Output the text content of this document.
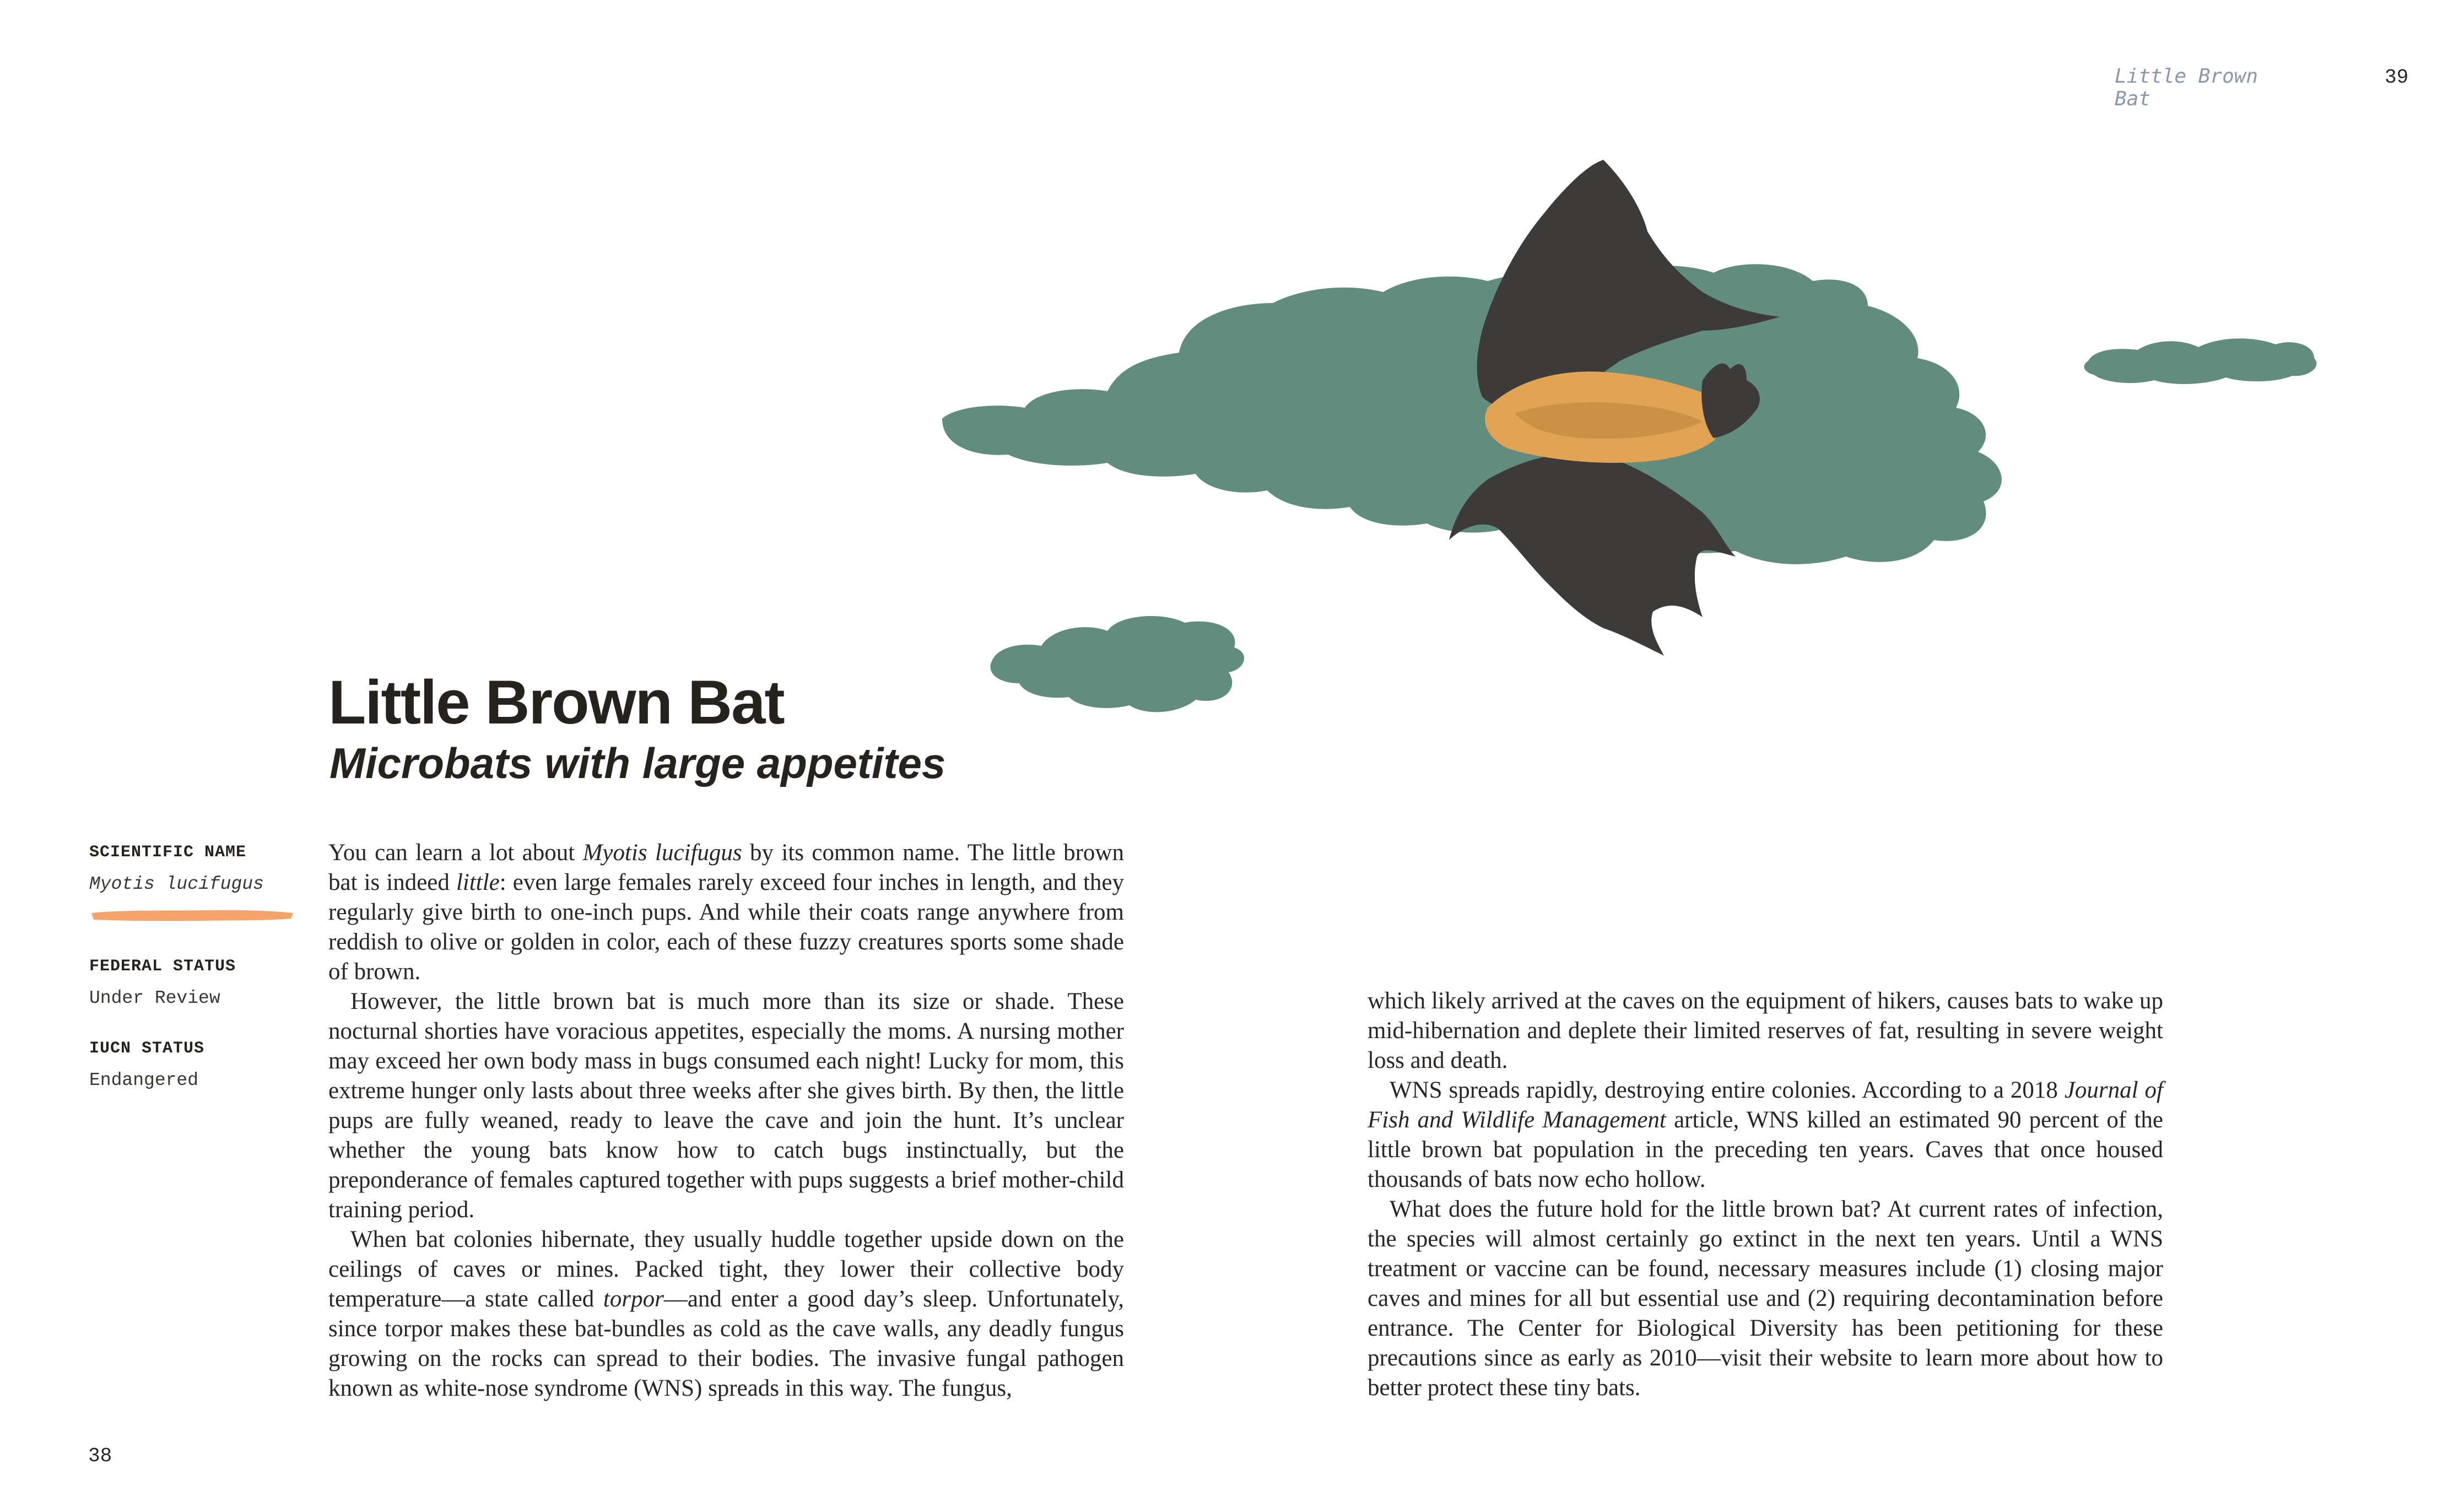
Little Brown Bat
39
Little Brown Bat
Microbats with large appetites

SCIENTIFIC NAME

Myotis lucifugus

FEDERAL STATUS

Under Review

IUCN STATUS

Endangered

You can learn a lot about Myotis lucifugus by its common name. The little brown bat is indeed little: even large females rarely exceed four inches in length, and they regularly give birth to one-inch pups. And while their coats range anywhere from reddish to olive or golden in color, each of these fuzzy creatures sports some shade of brown.

However, the little brown bat is much more than its size or shade. These nocturnal shorties have voracious appetites, especially the moms. A nursing mother may exceed her own body mass in bugs consumed each night! Lucky for mom, this extreme hunger only lasts about three weeks after she gives birth. By then, the little pups are fully weaned, ready to leave the cave and join the hunt. It’s unclear whether the young bats know how to catch bugs instinctually, but the preponderance of females captured together with pups suggests a brief mother-child training period.

When bat colonies hibernate, they usually huddle together upside down on the ceilings of caves or mines. Packed tight, they lower their collective body temperature—a state called torpor—and enter a good day’s sleep. Unfortunately, since torpor makes these bat-bundles as cold as the cave walls, any deadly fungus growing on the rocks can spread to their bodies. The invasive fungal pathogen known as white-nose syndrome (WNS) spreads in this way. The fungus,

which likely arrived at the caves on the equipment of hikers, causes bats to wake up mid-hibernation and deplete their limited reserves of fat, resulting in severe weight loss and death.

WNS spreads rapidly, destroying entire colonies. According to a 2018 Journal of Fish and Wildlife Management article, WNS killed an estimated 90 percent of the little brown bat population in the preceding ten years. Caves that once housed thousands of bats now echo hollow.

What does the future hold for the little brown bat? At current rates of infection, the species will almost certainly go extinct in the next ten years. Until a WNS treatment or vaccine can be found, necessary measures include (1) closing major caves and mines for all but essential use and (2) requiring decontamination before entrance. The Center for Biological Diversity has been petitioning for these precautions since as early as 2010—visit their website to learn more about how to better protect these tiny bats.

38
